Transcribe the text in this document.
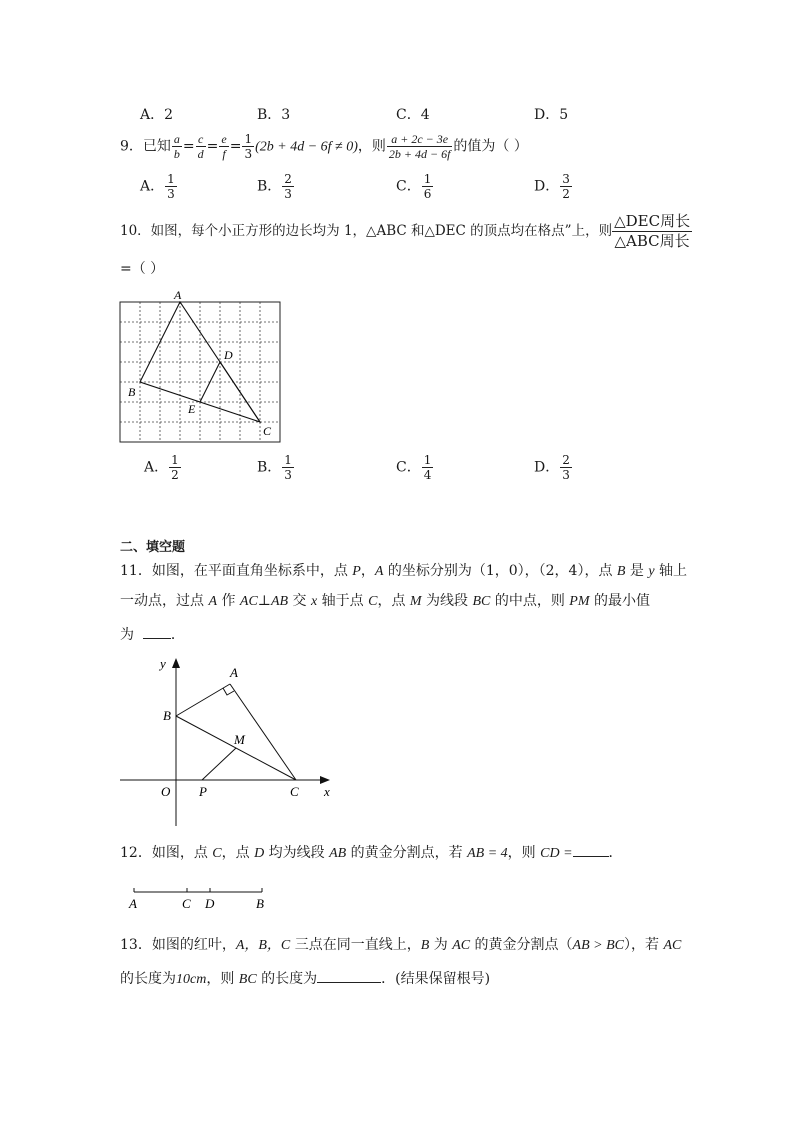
A．2	B．3	C．4	D．5
9．已知 $\frac{a}{b} = \frac{c}{d} = \frac{e}{f} = \frac{1}{3} (2b + 4d - 6f \ne 0)$，则 $\frac{a + 2c - 3e}{2b + 4d - 6f}$ 的值为（ ）
A． $\frac{1}{3}$	B． $\frac{2}{3}$	C． $\frac{1}{6}$	D． $\frac{3}{2}$
10．如图，每个小正方形的边长均为 1，△ABC 和△DEC 的顶点均在格点”上，则 $\frac{\text{△DEC周长}}{\text{△ABC周长}}$
=（ ）
A
D
B
E
C
A． $\frac{1}{2}$	B． $\frac{1}{3}$	C． $\frac{1}{4}$	D． $\frac{2}{3}$
二、填空题
11．如图，在平面直角坐标系中，点 P，A 的坐标分别为（1，0），（2，4），点 B 是 y 轴上
一动点，过点 A 作 AC⊥AB 交 x 轴于点 C，点 M 为线段 BC 的中点，则 PM 的最小值
为	．
y
A
B
M
O P	C x
12．如图，点 C，点 D 均为线段 AB 的黄金分割点，若 AB = 4，则 CD =	．
A	C D	B
13．如图的红叶，A，B，C 三点在同一直线上，B 为 AC 的黄金分割点（AB > BC），若 AC
的长度为10cm，则 BC 的长度为	．(结果保留根号)
